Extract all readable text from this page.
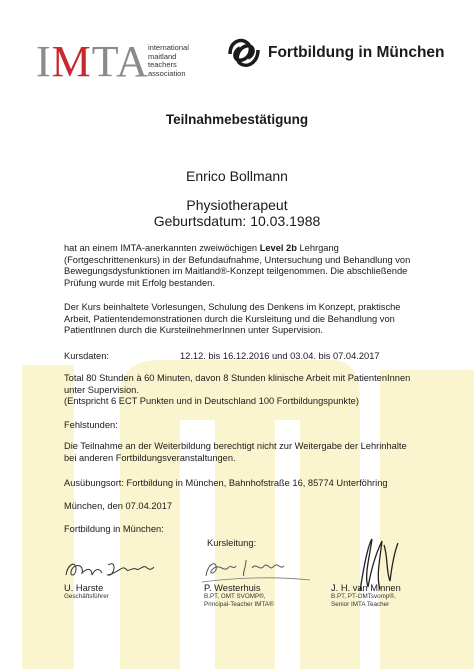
IMTA international
maitland
teachers
association
Fortbildung in München
Teilnahmebestätigung
Enrico Bollmann
Physiotherapeut
Geburtsdatum: 10.03.1988
hat an einem IMTA-anerkannten zweiwöchigen Level 2b Lehrgang
(Fortgeschrittenenkurs) in der Befundaufnahme, Untersuchung und Behandlung von
Bewegungsdysfunktionen im Maitland®-Konzept teilgenommen. Die abschließende
Prüfung wurde mit Erfolg bestanden.
Der Kurs beinhaltete Vorlesungen, Schulung des Denkens im Konzept, praktische
Arbeit, Patientendemonstrationen durch die Kursleitung und die Behandlung von
PatientInnen durch die KursteilnehmerInnen unter Supervision.
Kursdaten:	12.12. bis 16.12.2016 und 03.04. bis 07.04.2017
Total 80 Stunden à 60 Minuten, davon 8 Stunden klinische Arbeit mit PatientenInnen
unter Supervision.
(Entspricht 6 ECT Punkten und in Deutschland 100 Fortbildungspunkte)
Fehlstunden:
Die Teilnahme an der Weiterbildung berechtigt nicht zur Weitergabe der Lehrinhalte
bei anderen Fortbildungsveranstaltungen.
Ausübungsort: Fortbildung in München, Bahnhofstraße 16, 85774 Unterföhring
München, den 07.04.2017
Fortbildung in München:
Kursleitung:
U. Harste
Geschäftsführer
P. Westerhuis
B.PT, OMT SVOMP®,
Principal-Teacher IMTA®
J. H. van Minnen
B.PT, PT-OMTsvomp®,
Senior IMTA Teacher
